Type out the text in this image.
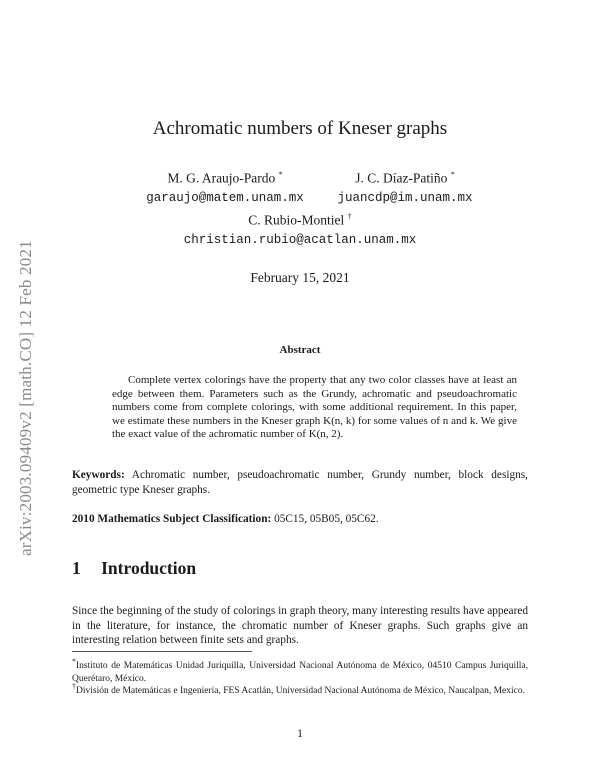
arXiv:2003.09409v2 [math.CO] 12 Feb 2021
Achromatic numbers of Kneser graphs
M. G. Araujo-Pardo *
garaujo@matem.unam.mx
J. C. Díaz-Patiño *
juancdp@im.unam.mx
C. Rubio-Montiel †
christian.rubio@acatlan.unam.mx
February 15, 2021
Abstract
Complete vertex colorings have the property that any two color classes have at least an edge between them. Parameters such as the Grundy, achromatic and pseudoachromatic numbers come from complete colorings, with some additional requirement. In this paper, we estimate these numbers in the Kneser graph K(n, k) for some values of n and k. We give the exact value of the achromatic number of K(n, 2).
Keywords: Achromatic number, pseudoachromatic number, Grundy number, block designs, geometric type Kneser graphs.
2010 Mathematics Subject Classification: 05C15, 05B05, 05C62.
1 Introduction
Since the beginning of the study of colorings in graph theory, many interesting results have appeared in the literature, for instance, the chromatic number of Kneser graphs. Such graphs give an interesting relation between finite sets and graphs.
*Instituto de Matemáticas Unidad Juriquilla, Universidad Nacional Autónoma de México, 04510 Campus Juriquilla, Querétaro, México.
†División de Matemáticas e Ingeniería, FES Acatlán, Universidad Nacional Autónoma de México, Naucalpan, Mexico.
1
